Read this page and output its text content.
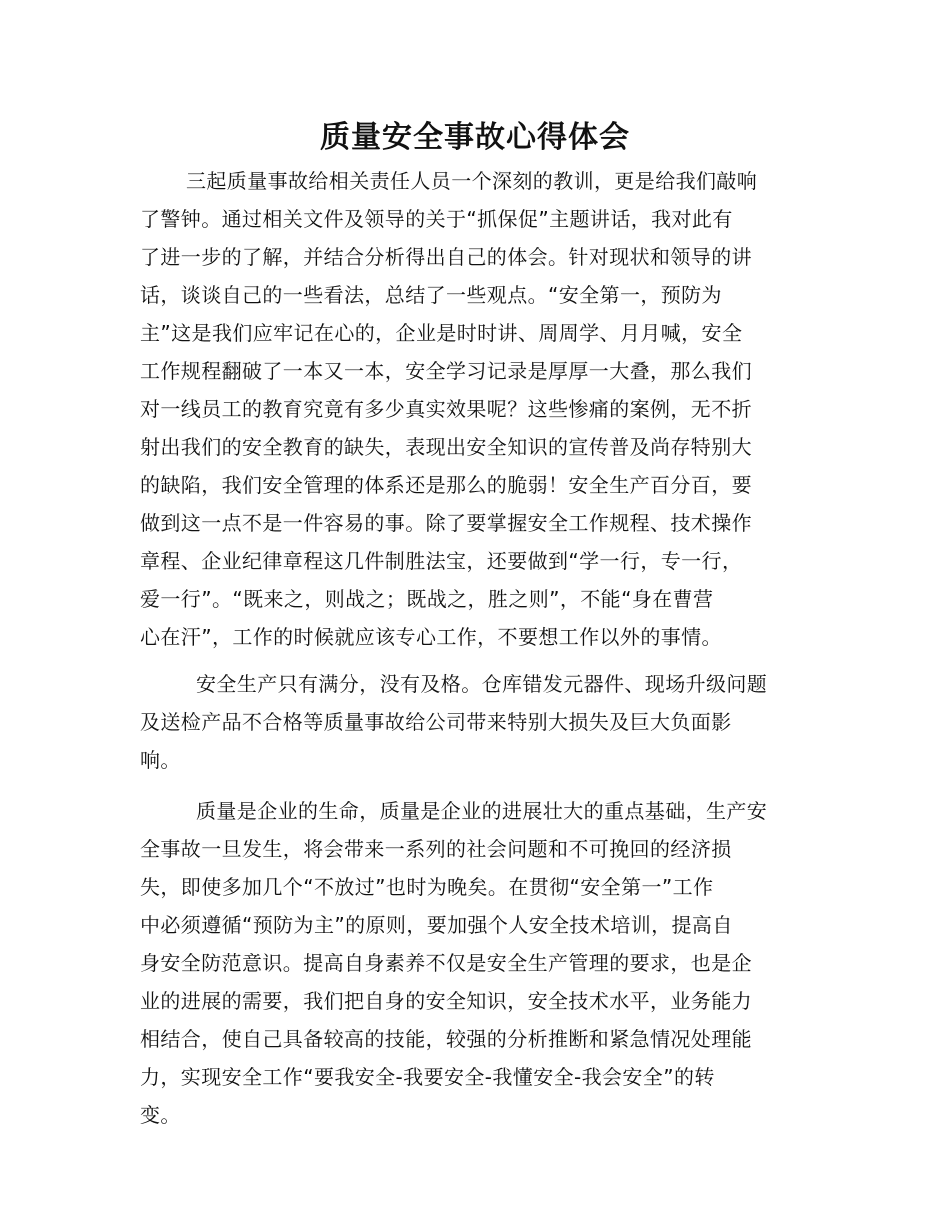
质量安全事故心得体会
三起质量事故给相关责任人员一个深刻的教训，更是给我们敲响
了警钟。通过相关文件及领导的关于“抓保促”主题讲话，我对此有
了进一步的了解，并结合分析得出自己的体会。针对现状和领导的讲
话，谈谈自己的一些看法，总结了一些观点。“安全第一，预防为
主”这是我们应牢记在心的，企业是时时讲、周周学、月月喊，安全
工作规程翻破了一本又一本，安全学习记录是厚厚一大叠，那么我们
对一线员工的教育究竟有多少真实效果呢？这些惨痛的案例，无不折
射出我们的安全教育的缺失，表现出安全知识的宣传普及尚存特别大
的缺陷，我们安全管理的体系还是那么的脆弱！安全生产百分百，要
做到这一点不是一件容易的事。除了要掌握安全工作规程、技术操作
章程、企业纪律章程这几件制胜法宝，还要做到“学一行，专一行，
爱一行”。“既来之，则战之；既战之，胜之则”，不能“身在曹营
心在汗”，工作的时候就应该专心工作，不要想工作以外的事情。
安全生产只有满分，没有及格。仓库错发元器件、现场升级问题
及送检产品不合格等质量事故给公司带来特别大损失及巨大负面影
响。
质量是企业的生命，质量是企业的进展壮大的重点基础，生产安
全事故一旦发生，将会带来一系列的社会问题和不可挽回的经济损
失，即使多加几个“不放过”也时为晚矣。在贯彻“安全第一”工作
中必须遵循“预防为主”的原则，要加强个人安全技术培训，提高自
身安全防范意识。提高自身素养不仅是安全生产管理的要求，也是企
业的进展的需要，我们把自身的安全知识，安全技术水平，业务能力
相结合，使自己具备较高的技能，较强的分析推断和紧急情况处理能
力，实现安全工作“要我安全-我要安全-我懂安全-我会安全”的转
变。
